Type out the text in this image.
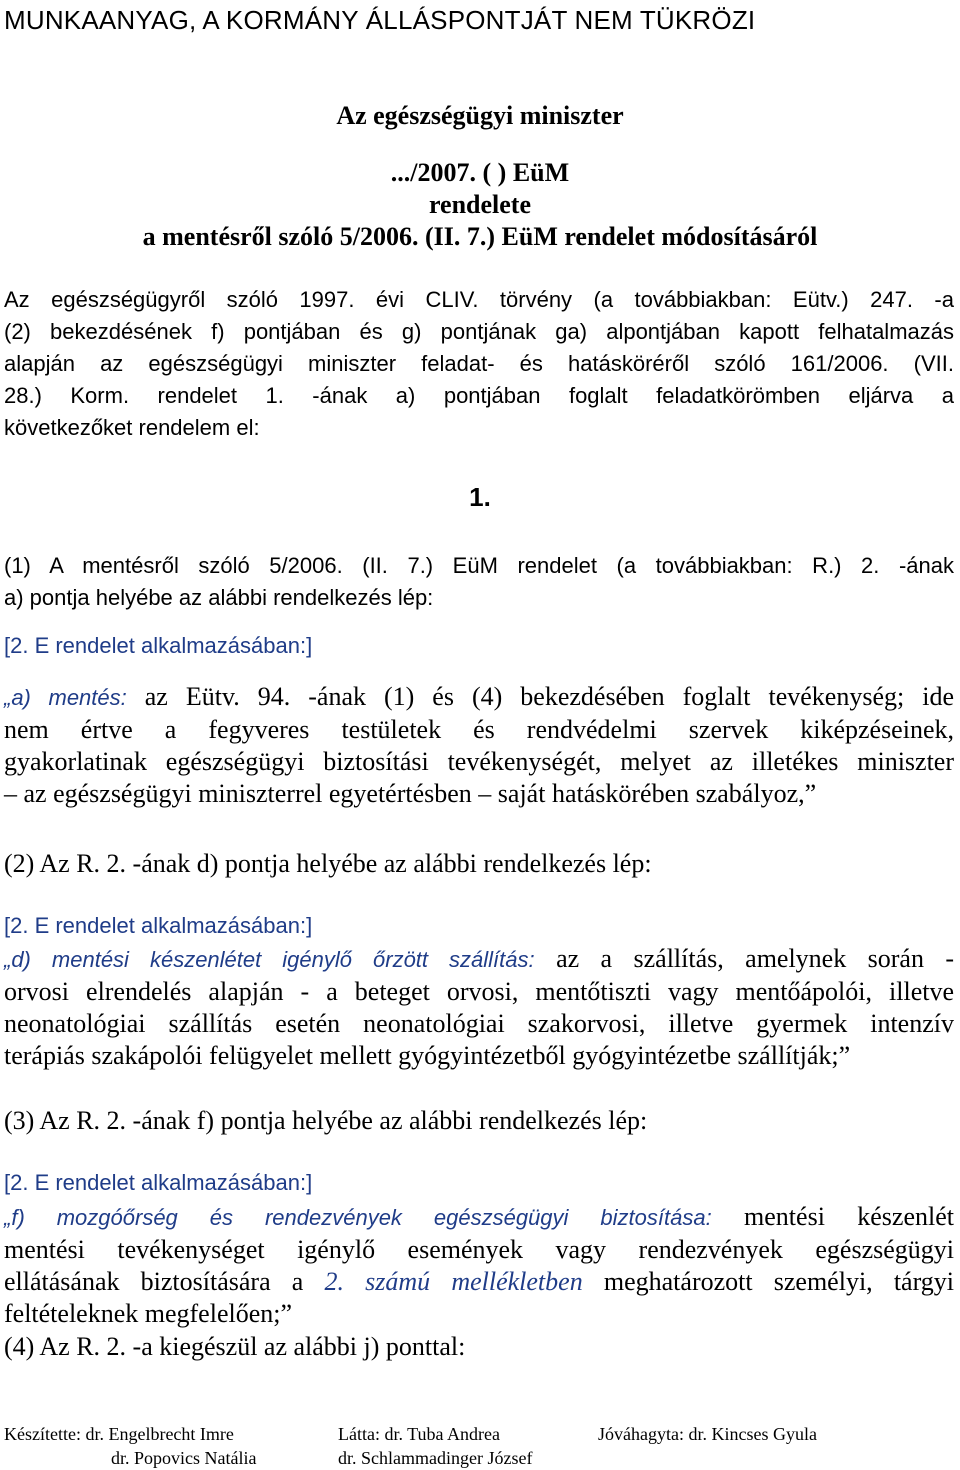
MUNKAANYAG, A KORMÁNY ÁLLÁSPONTJÁT NEM TÜKRÖZI
Az egészségügyi miniszter
.../2007. ( ) EüM
rendelete
a mentésről szóló 5/2006. (II. 7.) EüM rendelet módosításáról
Az egészségügyről szóló 1997. évi CLIV. törvény (a továbbiakban: Eütv.) 247. -a
(2) bekezdésének f) pontjában és g) pontjának ga) alpontjában kapott felhatalmazás
alapján az egészségügyi miniszter feladat- és hatásköréről szóló 161/2006. (VII.
28.) Korm. rendelet 1. -ának a) pontjában foglalt feladatkörömben eljárva a
következőket rendelem el:
1.
(1) A mentésről szóló 5/2006. (II. 7.) EüM rendelet (a továbbiakban: R.) 2. -ának
a) pontja helyébe az alábbi rendelkezés lép:
[2. E rendelet alkalmazásában:]
„a) mentés: az Eütv. 94. -ának (1) és (4) bekezdésében foglalt tevékenység; ide
nem értve a fegyveres testületek és rendvédelmi szervek kiképzéseinek,
gyakorlatinak egészségügyi biztosítási tevékenységét, melyet az illetékes miniszter
– az egészségügyi miniszterrel egyetértésben – saját hatáskörében szabályoz,”
(2) Az R. 2. -ának d) pontja helyébe az alábbi rendelkezés lép:
[2. E rendelet alkalmazásában:]
„d) mentési készenlétet igénylő őrzött szállítás: az a szállítás, amelynek során -
orvosi elrendelés alapján - a beteget orvosi, mentőtiszti vagy mentőápolói, illetve
neonatológiai szállítás esetén neonatológiai szakorvosi, illetve gyermek intenzív
terápiás szakápolói felügyelet mellett gyógyintézetből gyógyintézetbe szállítják;”
(3) Az R. 2. -ának f) pontja helyébe az alábbi rendelkezés lép:
[2. E rendelet alkalmazásában:]
„f) mozgóőrség és rendezvények egészségügyi biztosítása: mentési készenlét
mentési tevékenységet igénylő események vagy rendezvények egészségügyi
ellátásának biztosítására a 2. számú mellékletben meghatározott személyi, tárgyi
feltételeknek megfelelően;”
(4) Az R. 2. -a kiegészül az alábbi j) ponttal:
Készítette: dr. Engelbrecht Imre
dr. Popovics Natália
Látta: dr. Tuba Andrea
dr. Schlammadinger József
Jóváhagyta: dr. Kincses Gyula
